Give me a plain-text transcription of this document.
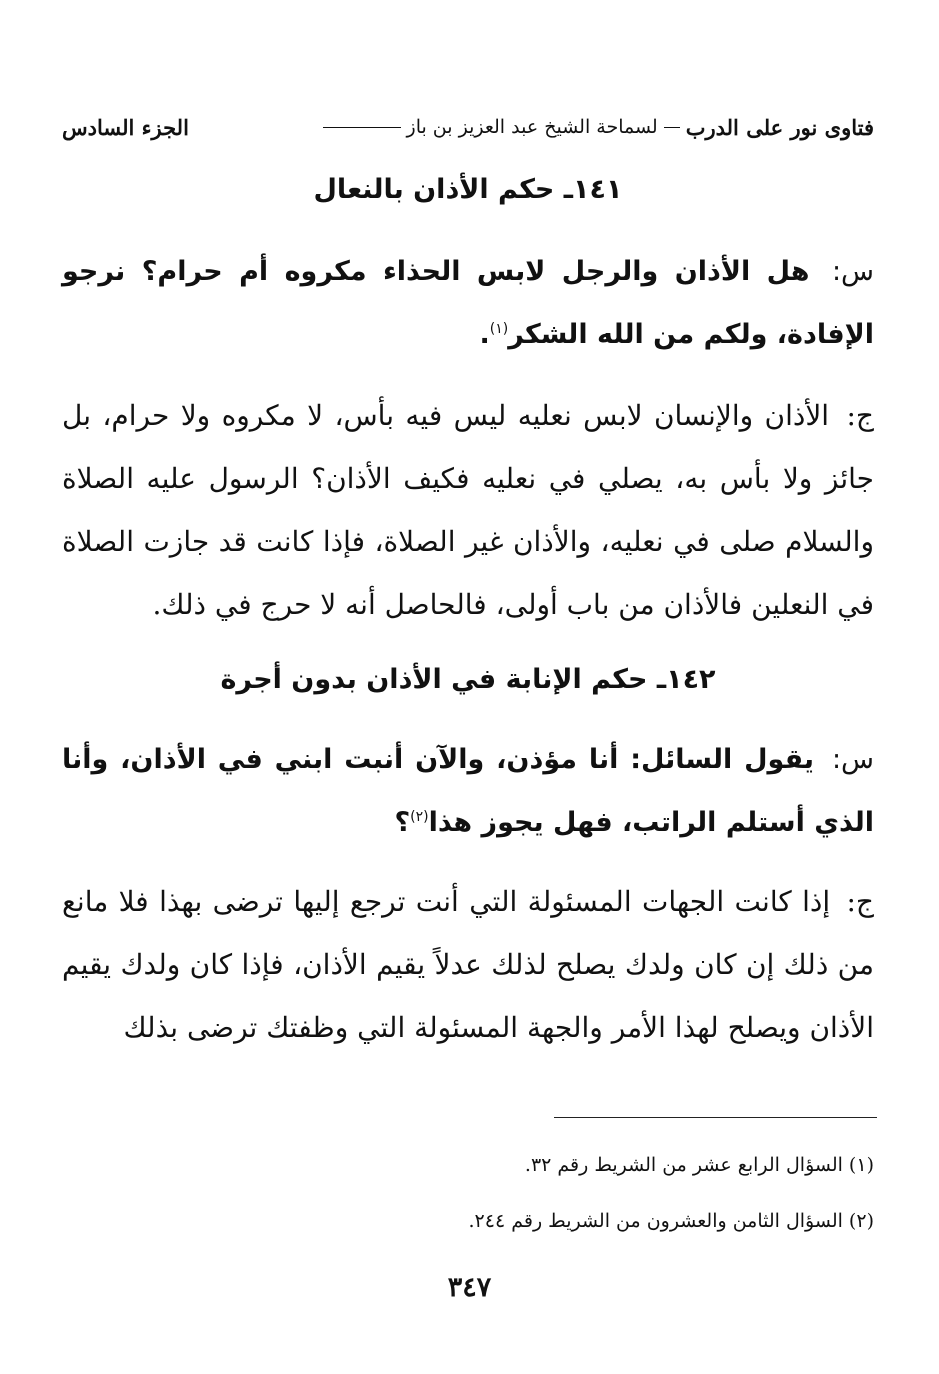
فتاوى نور على الدرب
لسماحة الشيخ عبد العزيز بن باز
الجزء السادس
١٤١ـ حكم الأذان بالنعال

س: هل الأذان والرجل لابس الحذاء مكروه أم حرام؟ نرجو الإفادة، ولكم من الله الشكر$^{(١)}$.

ج: الأذان والإنسان لابس نعليه ليس فيه بأس، لا مكروه ولا حرام، بل جائز ولا بأس به، يصلي في نعليه فكيف الأذان؟ الرسول عليه الصلاة والسلام صلى في نعليه، والأذان غير الصلاة، فإذا كانت قد جازت الصلاة في النعلين فالأذان من باب أولى، فالحاصل أنه لا حرج في ذلك.

١٤٢ـ حكم الإنابة في الأذان بدون أجرة

س: يقول السائل: أنا مؤذن، والآن أنبت ابني في الأذان، وأنا الذي أستلم الراتب، فهل يجوز هذا$^{(٢)}$؟

ج: إذا كانت الجهات المسئولة التي أنت ترجع إليها ترضى بهذا فلا مانع من ذلك إن كان ولدك يصلح لذلك عدلاً يقيم الأذان، فإذا كان ولدك يقيم الأذان ويصلح لهذا الأمر والجهة المسئولة التي وظفتك ترضى بذلك

(١) السؤال الرابع عشر من الشريط رقم ٣٢.
(٢) السؤال الثامن والعشرون من الشريط رقم ٢٤٤.
٣٤٧
